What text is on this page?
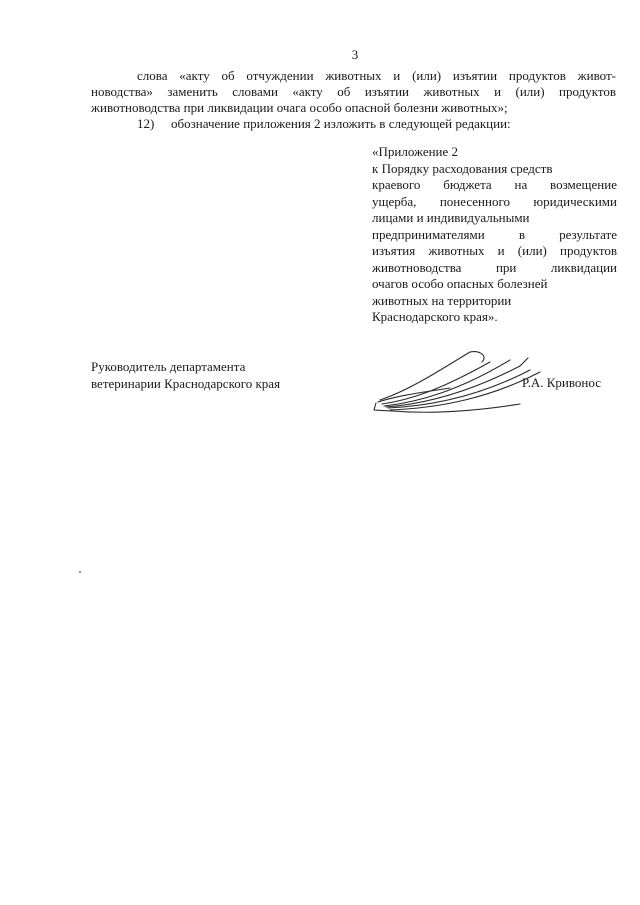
3
слова «акту об отчуждении животных и (или) изъятии продуктов живот-
новодства» заменить словами «акту об изъятии животных и (или) продуктов
животноводства при ликвидации очага особо опасной болезни животных»;
12) обозначение приложения 2 изложить в следующей редакции:
«Приложение 2
к Порядку расходования средств
краевого бюджета на возмещение
ущерба, понесенного юридическими
лицами и индивидуальными
предпринимателями в результате
изъятия животных и (или) продуктов
животноводства при ликвидации
очагов особо опасных болезней
животных на территории
Краснодарского края».
Руководитель департамента
ветеринарии Краснодарского края	Р.А. Кривонос
